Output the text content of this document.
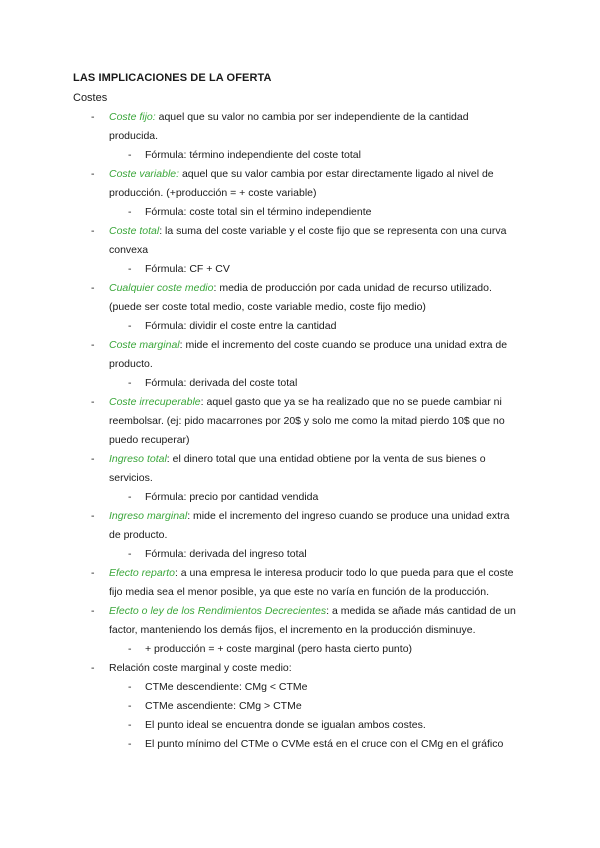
LAS IMPLICACIONES DE LA OFERTA
Costes
- Coste fijo: aquel que su valor no cambia por ser independiente de la cantidad producida.
- Fórmula: término independiente del coste total
- Coste variable: aquel que su valor cambia por estar directamente ligado al nivel de producción. (+producción = + coste variable)
- Fórmula: coste total sin el término independiente
- Coste total: la suma del coste variable y el coste fijo que se representa con una curva convexa
- Fórmula: CF + CV
- Cualquier coste medio: media de producción por cada unidad de recurso utilizado. (puede ser coste total medio, coste variable medio, coste fijo medio)
- Fórmula: dividir el coste entre la cantidad
- Coste marginal: mide el incremento del coste cuando se produce una unidad extra de producto.
- Fórmula: derivada del coste total
- Coste irrecuperable: aquel gasto que ya se ha realizado que no se puede cambiar ni reembolsar. (ej: pido macarrones por 20$ y solo me como la mitad pierdo 10$ que no puedo recuperar)
- Ingreso total: el dinero total que una entidad obtiene por la venta de sus bienes o servicios.
- Fórmula: precio por cantidad vendida
- Ingreso marginal: mide el incremento del ingreso cuando se produce una unidad extra de producto.
- Fórmula: derivada del ingreso total
- Efecto reparto: a una empresa le interesa producir todo lo que pueda para que el coste fijo media sea el menor posible, ya que este no varía en función de la producción.
- Efecto o ley de los Rendimientos Decrecientes: a medida se añade más cantidad de un factor, manteniendo los demás fijos, el incremento en la producción disminuye.
- + producción = + coste marginal (pero hasta cierto punto)
- Relación coste marginal y coste medio:
- CTMe descendiente: CMg < CTMe
- CTMe ascendiente: CMg > CTMe
- El punto ideal se encuentra donde se igualan ambos costes.
- El punto mínimo del CTMe o CVMe está en el cruce con el CMg en el gráfico
